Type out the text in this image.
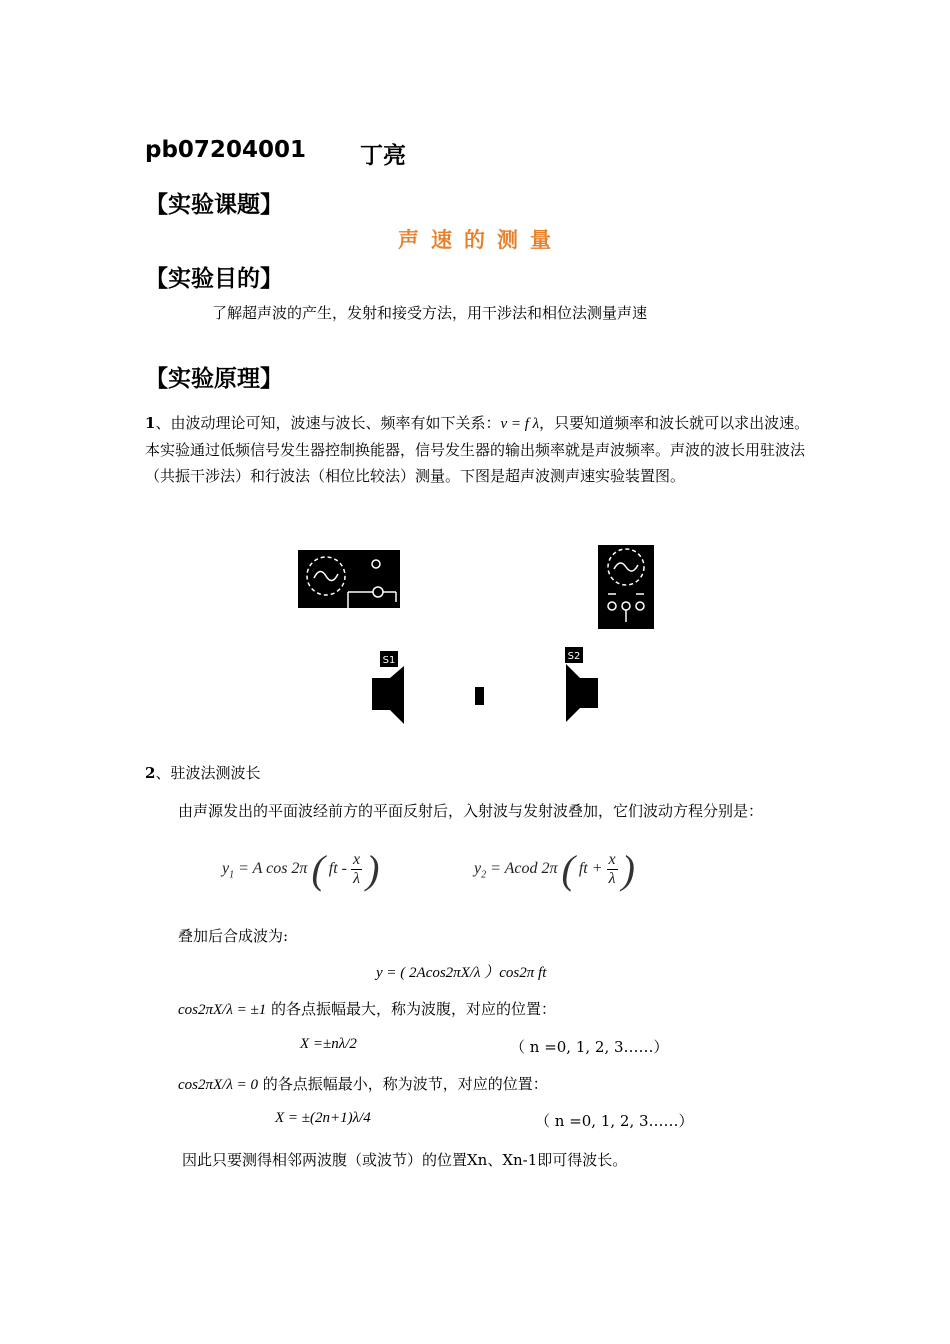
pb07204001 丁亮
【实验课题】
声速的测量
【实验目的】
了解超声波的产生，发射和接受方法，用干涉法和相位法测量声速
【实验原理】
1、由波动理论可知，波速与波长、频率有如下关系：v = f λ，只要知道频率和波长就可以求出波速。本实验通过低频信号发生器控制换能器，信号发生器的输出频率就是声波频率。声波的波长用驻波法（共振干涉法）和行波法（相位比较法）测量。下图是超声波测声速实验装置图。
S1	S2
2、驻波法测波长
由声源发出的平面波经前方的平面反射后，入射波与发射波叠加，它们波动方程分别是：
$y_1 = A$ cos 2π ( ft - $\frac{x}{\lambda}$ )	$y_2$ = Acod 2π ( ft + $\frac{x}{\lambda}$ )
叠加后合成波为:
y = ( 2Acos2πX/λ ）cos2π ft
cos2πX/λ = ±1 的各点振幅最大，称为波腹，对应的位置：
X =±nλ/2	（ n =0, 1, 2, 3……）
cos2πX/λ = 0 的各点振幅最小，称为波节，对应的位置：
X = ±(2n+1)λ/4	（ n =0, 1, 2, 3……）
因此只要测得相邻两波腹（或波节）的位置Xn、Xn-1即可得波长。
